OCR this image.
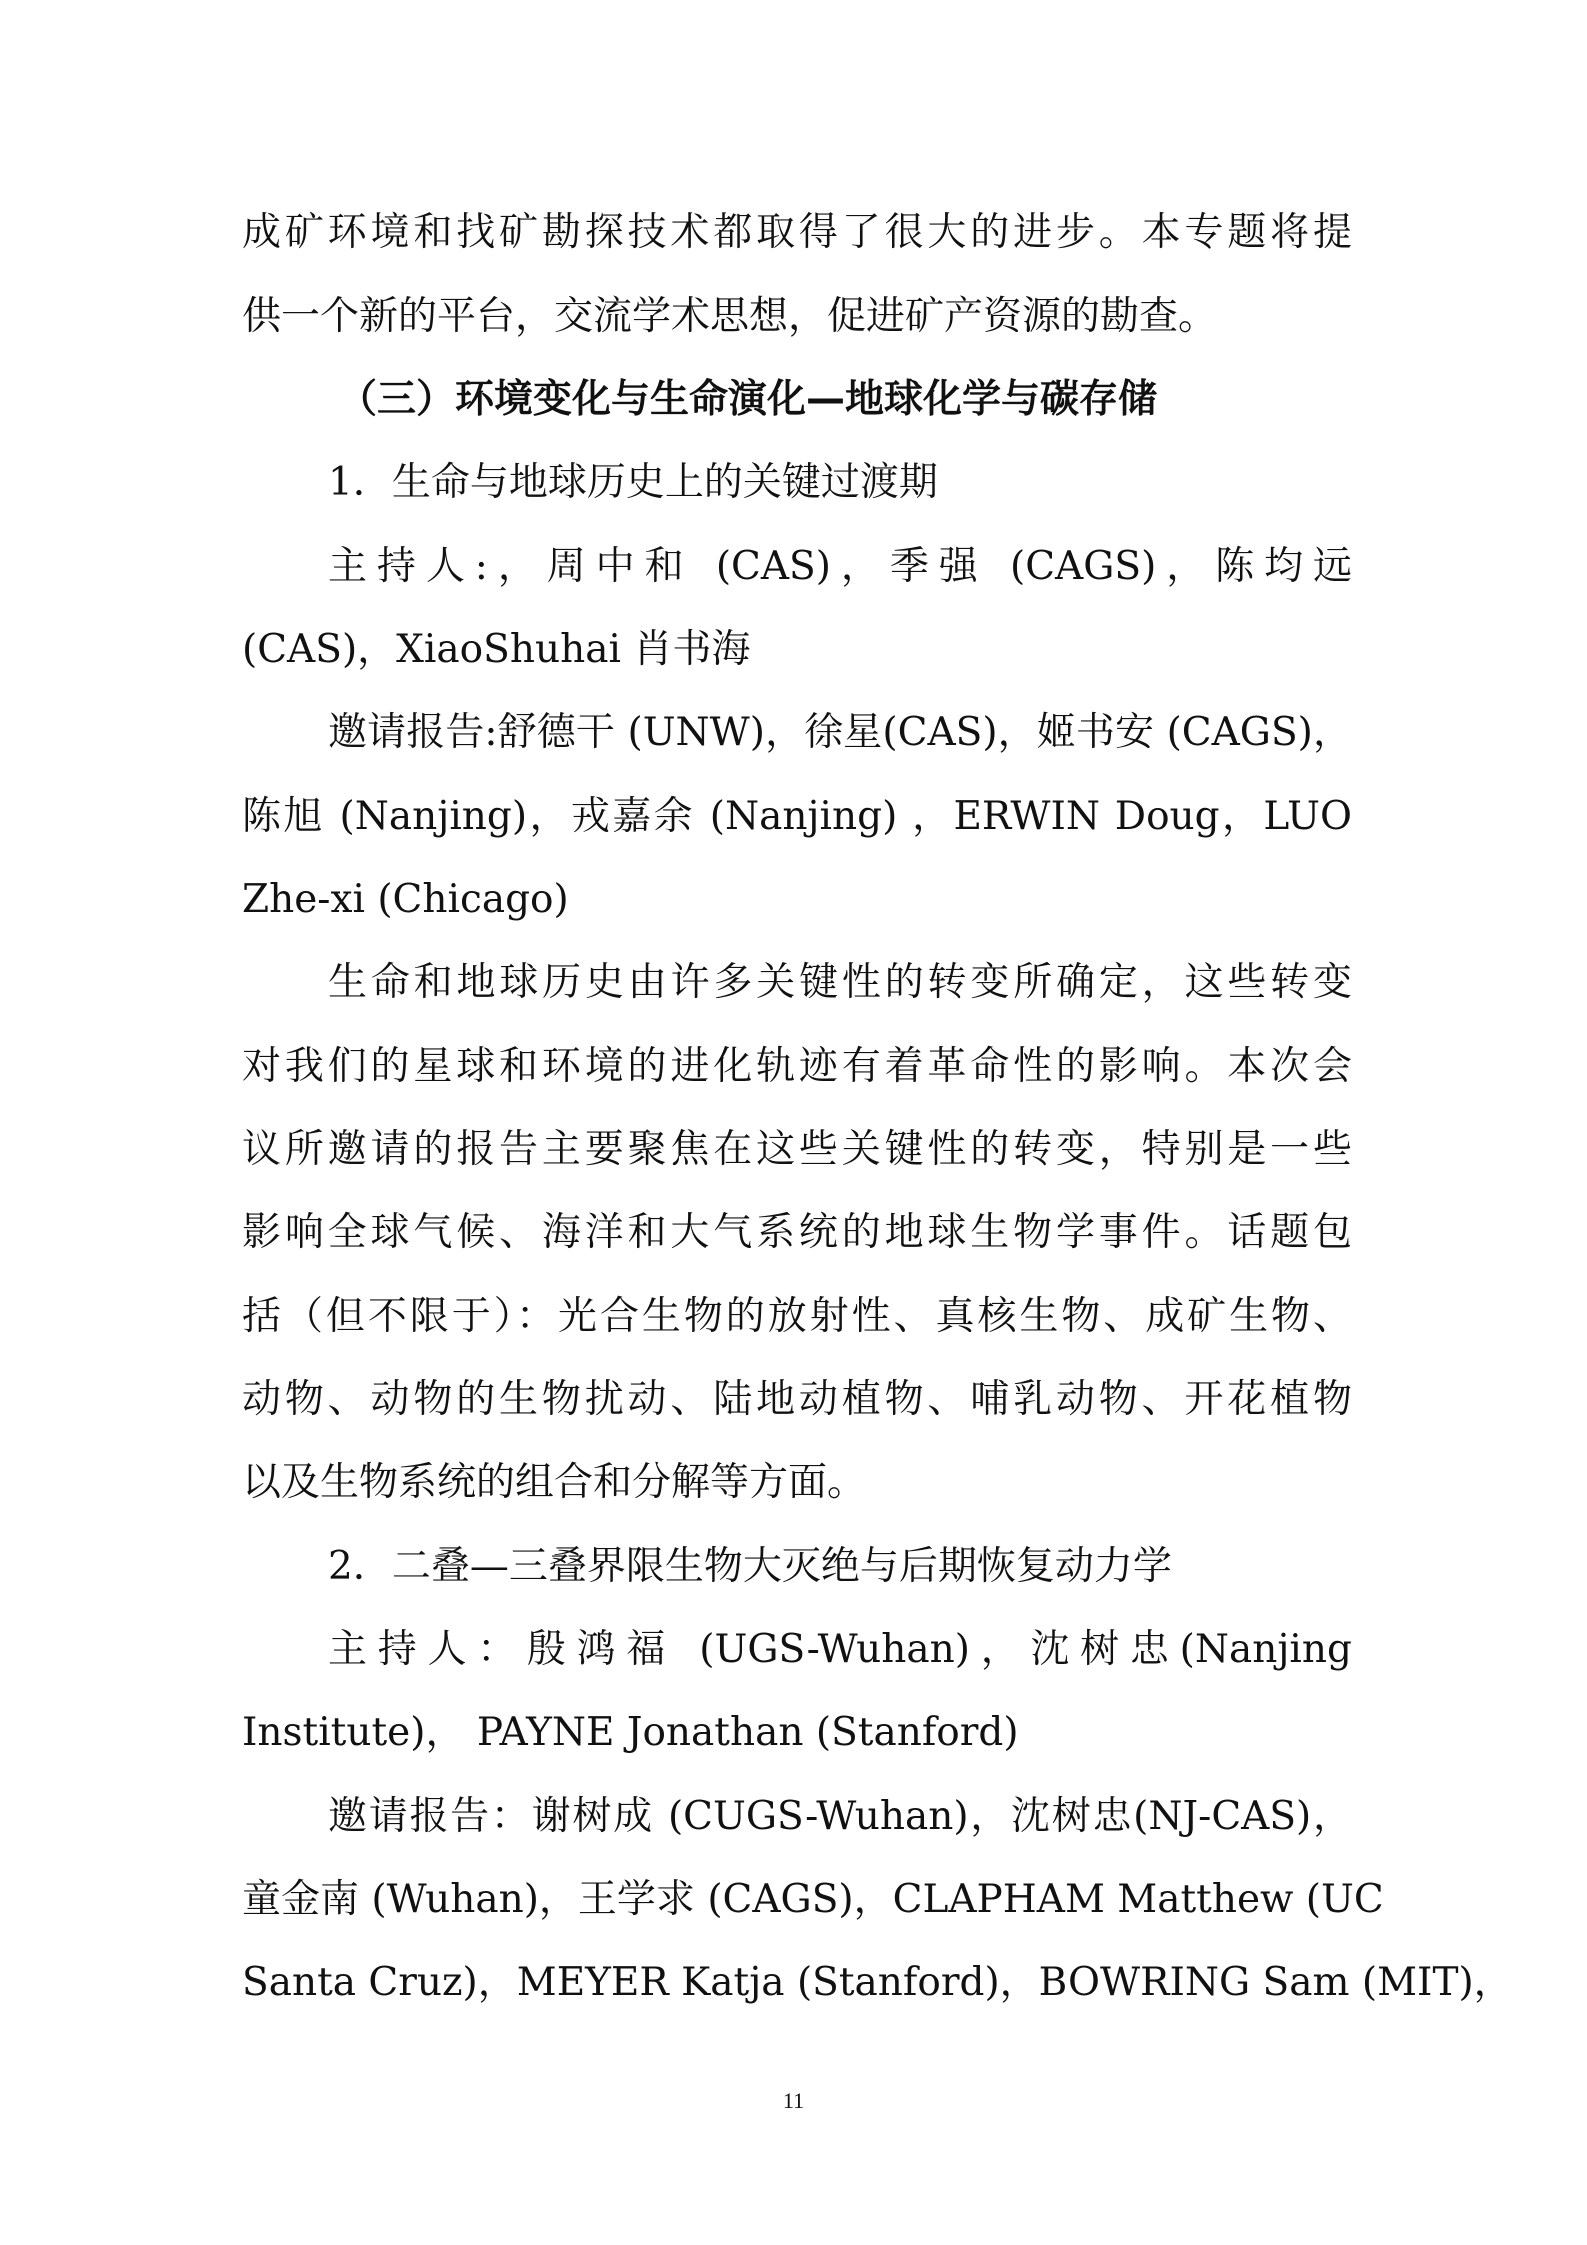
成矿环境和找矿勘探技术都取得了很大的进步。本专题将提
供一个新的平台，交流学术思想，促进矿产资源的勘查。
（三）环境变化与生命演化—地球化学与碳存储
1．生命与地球历史上的关键过渡期
主持人:，周中和 (CAS)，季强 (CAGS)，陈均远
(CAS)，XiaoShuhai 肖书海
邀请报告:舒德干 (UNW)，徐星(CAS)，姬书安 (CAGS)，
陈旭 (Nanjing)，戎嘉余 (Nanjing) ，ERWIN Doug，LUO
Zhe-xi (Chicago)
生命和地球历史由许多关键性的转变所确定，这些转变
对我们的星球和环境的进化轨迹有着革命性的影响。本次会
议所邀请的报告主要聚焦在这些关键性的转变，特别是一些
影响全球气候、海洋和大气系统的地球生物学事件。话题包
括（但不限于）：光合生物的放射性、真核生物、成矿生物、
动物、动物的生物扰动、陆地动植物、哺乳动物、开花植物
以及生物系统的组合和分解等方面。
2．二叠—三叠界限生物大灭绝与后期恢复动力学
主持人：殷鸿福 (UGS-Wuhan)，沈树忠(Nanjing
Institute)， PAYNE Jonathan (Stanford)
邀请报告：谢树成 (CUGS-Wuhan)，沈树忠(NJ-CAS)，
童金南 (Wuhan)，王学求 (CAGS)，CLAPHAM Matthew (UC
Santa Cruz)，MEYER Katja (Stanford)，BOWRING Sam (MIT)，
11
